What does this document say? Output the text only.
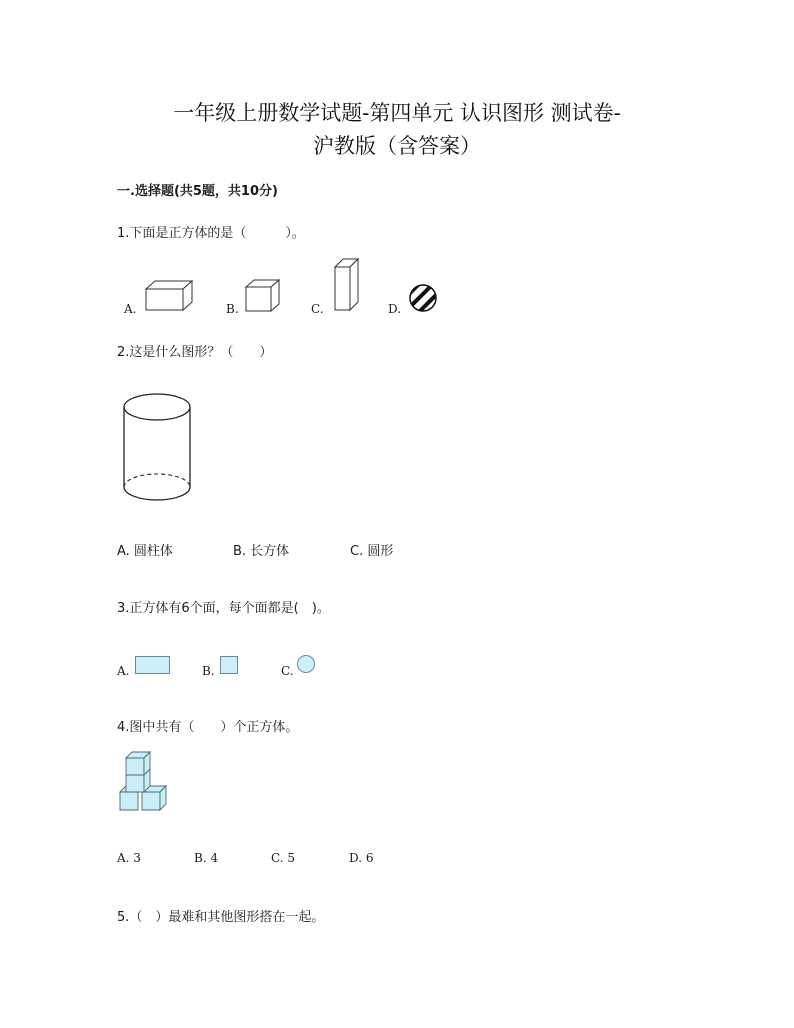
一年级上册数学试题-第四单元 认识图形 测试卷-
沪教版（含答案）
一.选择题(共5题，共10分)
1.下面是正方体的是（　　　）。
A.	B.	C.	D.
2.这是什么图形？（　　）
A. 圆柱体	B. 长方体	C. 圆形
3.正方体有6个面，每个面都是(　)。
A.	B.	C.
4.图中共有（　　）个正方体。
A. 3	B. 4	C. 5	D. 6
5.（　）最难和其他图形搭在一起。
